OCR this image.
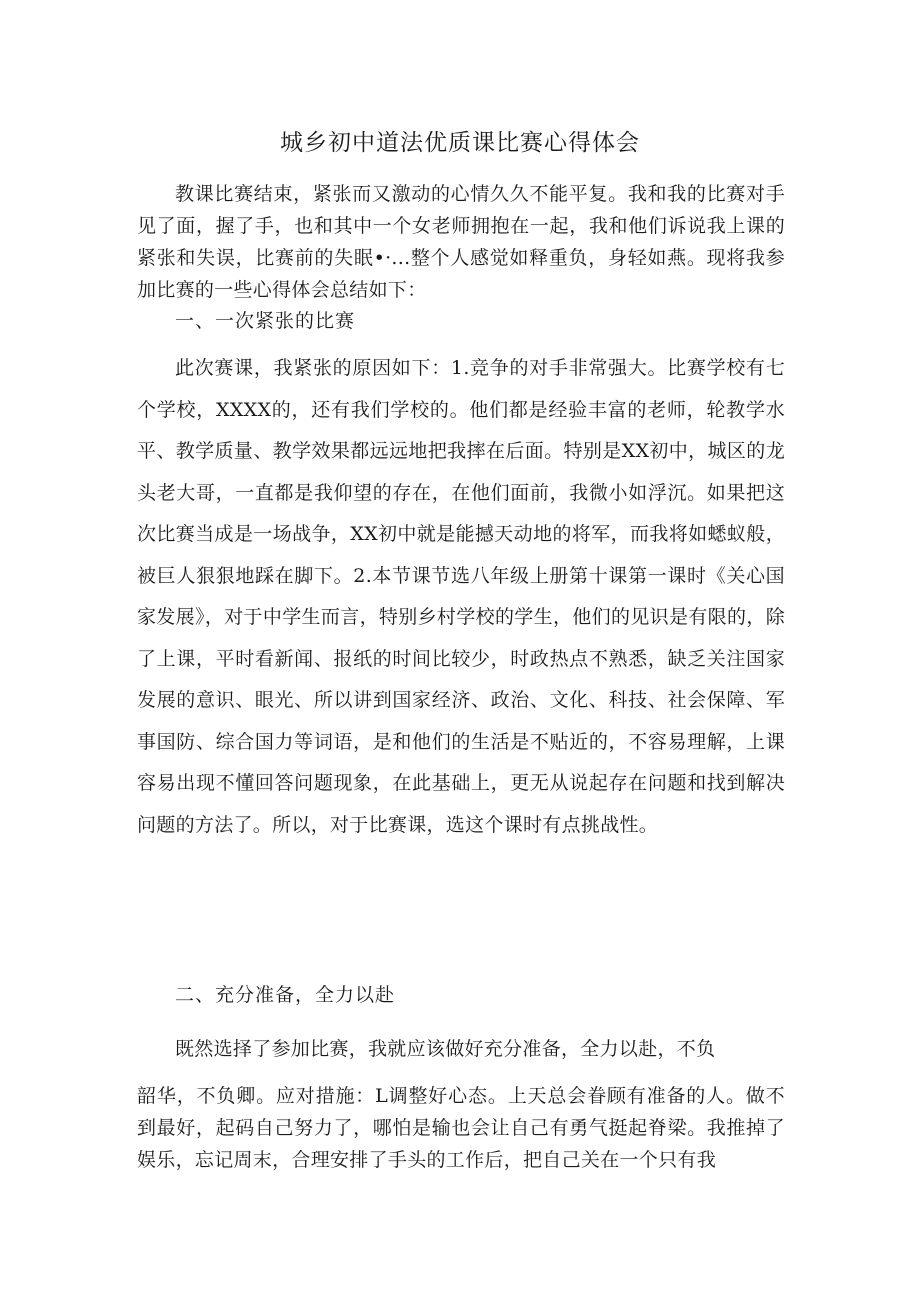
城乡初中道法优质课比赛心得体会

教课比赛结束，紧张而又激动的心情久久不能平复。我和我的比赛对手见了面，握了手，也和其中一个女老师拥抱在一起，我和他们诉说我上课的紧张和失误，比赛前的失眠•·...整个人感觉如释重负，身轻如燕。现将我参加比赛的一些心得体会总结如下：

一、一次紧张的比赛

此次赛课，我紧张的原因如下：1.竞争的对手非常强大。比赛学校有七个学校，XXXX的，还有我们学校的。他们都是经验丰富的老师，轮教学水平、教学质量、教学效果都远远地把我摔在后面。特别是XX初中，城区的龙头老大哥，一直都是我仰望的存在，在他们面前，我微小如浮沉。如果把这次比赛当成是一场战争，XX初中就是能撼天动地的将军，而我将如蟋蚁般，被巨人狠狠地踩在脚下。2.本节课节选八年级上册第十课第一课时《关心国家发展》，对于中学生而言，特别乡村学校的学生，他们的见识是有限的，除了上课，平时看新闻、报纸的时间比较少，时政热点不熟悉，缺乏关注国家发展的意识、眼光、所以讲到国家经济、政治、文化、科技、社会保障、军事国防、综合国力等词语，是和他们的生活是不贴近的，不容易理解，上课容易出现不懂回答问题现象，在此基础上，更无从说起存在问题和找到解决问题的方法了。所以，对于比赛课，选这个课时有点挑战性。

二、充分准备，全力以赴

既然选择了参加比赛，我就应该做好充分准备，全力以赴，不负

韶华，不负卿。应对措施：L调整好心态。上天总会眷顾有准备的人。做不到最好，起码自己努力了，哪怕是输也会让自己有勇气挺起脊梁。我推掉了娱乐，忘记周末，合理安排了手头的工作后，把自己关在一个只有我
